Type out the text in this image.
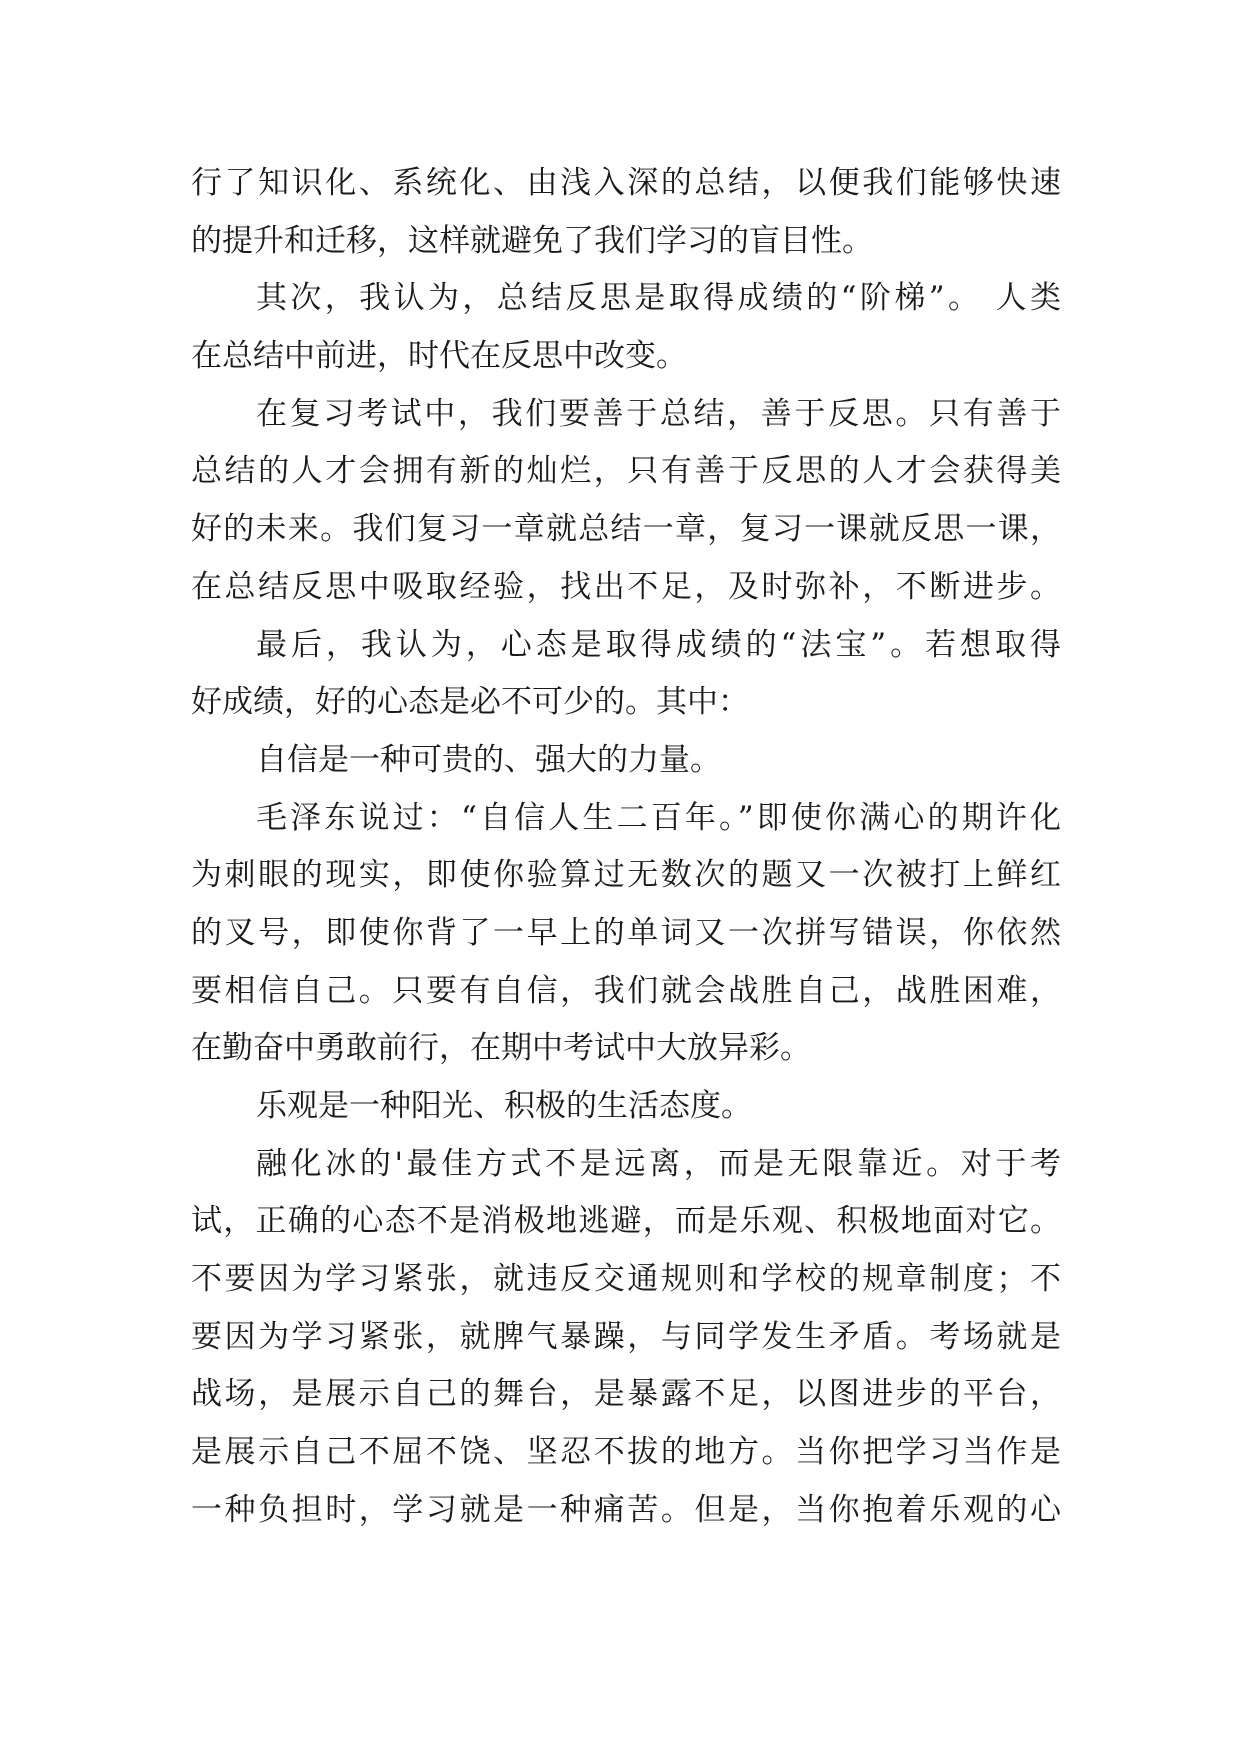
行了知识化、系统化、由浅入深的总结，以便我们能够快速
的提升和迁移，这样就避免了我们学习的盲目性。
其次，我认为，总结反思是取得成绩的“阶梯”。 人类
在总结中前进，时代在反思中改变。
在复习考试中，我们要善于总结，善于反思。只有善于
总结的人才会拥有新的灿烂，只有善于反思的人才会获得美
好的未来。我们复习一章就总结一章，复习一课就反思一课，
在总结反思中吸取经验，找出不足，及时弥补，不断进步。
最后，我认为，心态是取得成绩的“法宝”。若想取得
好成绩，好的心态是必不可少的。其中：
自信是一种可贵的、强大的力量。
毛泽东说过：“自信人生二百年。”即使你满心的期许化
为刺眼的现实，即使你验算过无数次的题又一次被打上鲜红
的叉号，即使你背了一早上的单词又一次拼写错误，你依然
要相信自己。只要有自信，我们就会战胜自己，战胜困难，
在勤奋中勇敢前行，在期中考试中大放异彩。
乐观是一种阳光、积极的生活态度。
融化冰的'最佳方式不是远离，而是无限靠近。对于考
试，正确的心态不是消极地逃避，而是乐观、积极地面对它。
不要因为学习紧张，就违反交通规则和学校的规章制度；不
要因为学习紧张，就脾气暴躁，与同学发生矛盾。考场就是
战场，是展示自己的舞台，是暴露不足，以图进步的平台，
是展示自己不屈不饶、坚忍不拔的地方。当你把学习当作是
一种负担时，学习就是一种痛苦。但是，当你抱着乐观的心
